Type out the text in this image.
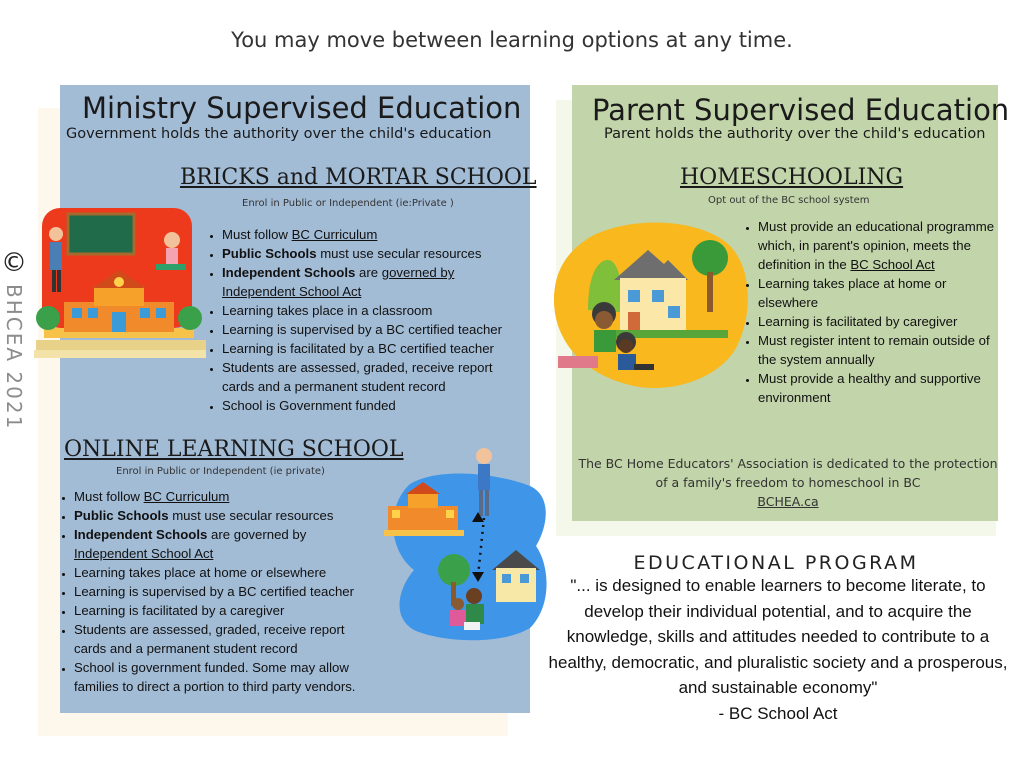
You may move between learning options at any time.
©
BHCEA 2021
Ministry Supervised Education
Government holds the authority over the child's education
BRICKS and MORTAR SCHOOL
Enrol in Public or Independent (ie:Private )
• Must follow BC Curriculum
• Public Schools must use secular resources
• Independent Schools are governed by Independent School Act
• Learning takes place in a classroom
• Learning is supervised by a BC certified teacher
• Learning is facilitated by a BC certified teacher
• Students are assessed, graded, receive report cards and a permanent student record
• School is Government funded
ONLINE LEARNING SCHOOL
Enrol in Public or Independent (ie private)
• Must follow BC Curriculum
• Public Schools must use secular resources
• Independent Schools are governed by Independent School Act
• Learning takes place at home or elsewhere
• Learning is supervised by a BC certified teacher
• Learning is facilitated by a caregiver
• Students are assessed, graded, receive report cards and a permanent student record
• School is government funded. Some may allow families to direct a portion to third party vendors.
Parent Supervised Education
Parent holds the authority over the child's education
HOMESCHOOLING
Opt out of the BC school system
• Must provide an educational programme which, in parent's opinion, meets the definition in the BC School Act
• Learning takes place at home or elsewhere
• Learning is facilitated by caregiver
• Must register intent to remain outside of the system annually
• Must provide a healthy and supportive environment
The BC Home Educators' Association is dedicated to the protection of a family's freedom to homeschool in BC
BCHEA.ca
EDUCATIONAL PROGRAM
"... is designed to enable learners to become literate, to develop their individual potential, and to acquire the knowledge, skills and attitudes needed to contribute to a healthy, democratic, and pluralistic society and a prosperous, and sustainable economy"
- BC School Act
